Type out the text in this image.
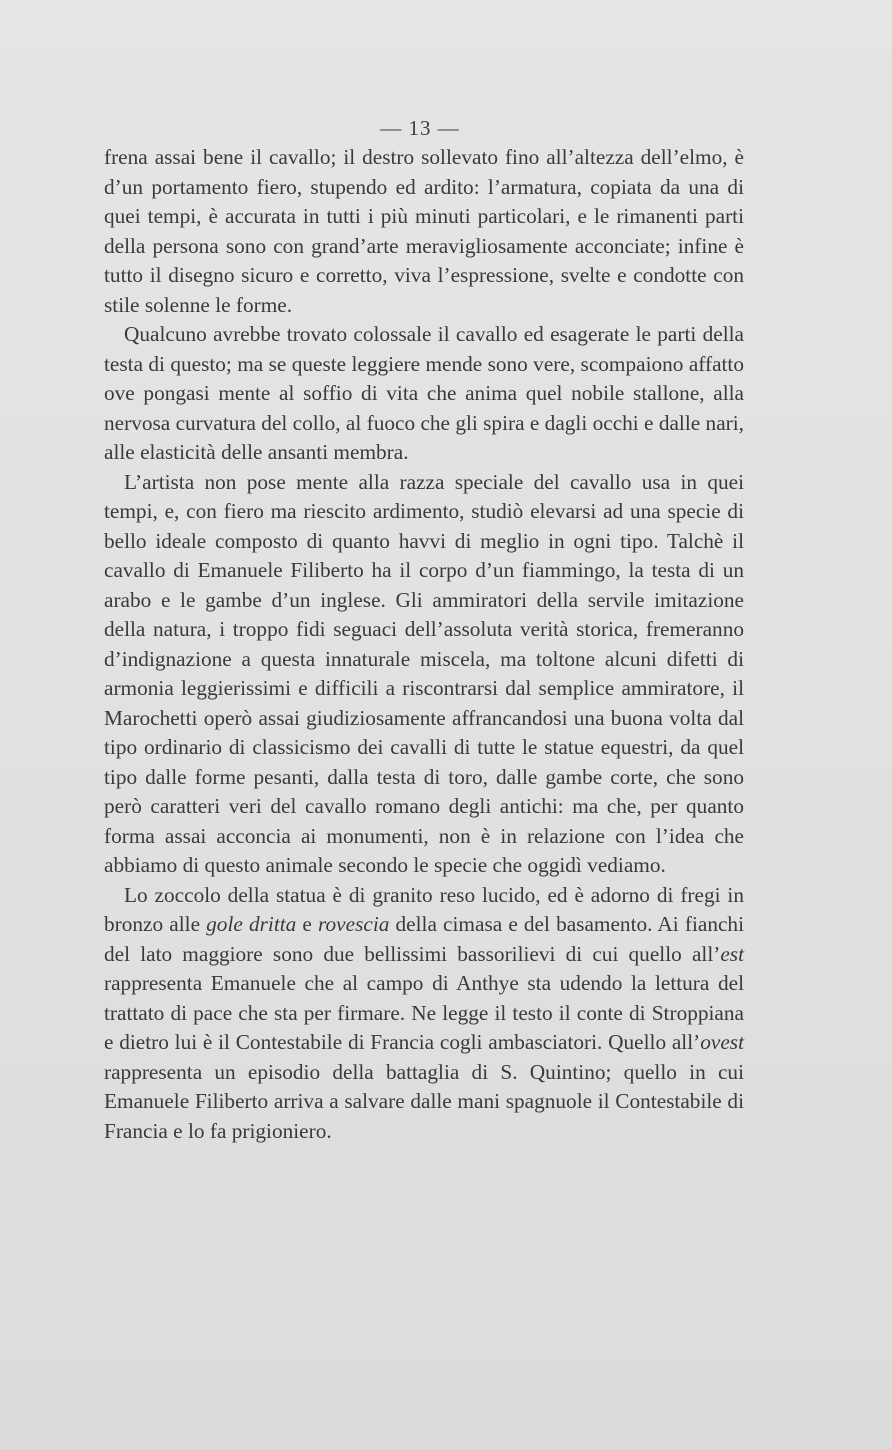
— 13 —

frena assai bene il cavallo; il destro sollevato fino all’altezza dell’elmo, è d’un portamento fiero, stupendo ed ardito: l’armatura, copiata da una di quei tempi, è accurata in tutti i più minuti particolari, e le rimanenti parti della persona sono con grand’arte meravigliosamente acconciate; infine è tutto il disegno sicuro e corretto, viva l’espressione, svelte e condotte con stile solenne le forme.

Qualcuno avrebbe trovato colossale il cavallo ed esagerate le parti della testa di questo; ma se queste leggiere mende sono vere, scompaiono affatto ove pongasi mente al soffio di vita che anima quel nobile stallone, alla nervosa curvatura del collo, al fuoco che gli spira e dagli occhi e dalle nari, alle elasticità delle ansanti membra.

L’artista non pose mente alla razza speciale del cavallo usa in quei tempi, e, con fiero ma riescito ardimento, studiò elevarsi ad una specie di bello ideale composto di quanto havvi di meglio in ogni tipo. Talchè il cavallo di Emanuele Filiberto ha il corpo d’un fiammingo, la testa di un arabo e le gambe d’un inglese. Gli ammiratori della servile imitazione della natura, i troppo fidi seguaci dell’assoluta verità storica, fremeranno d’indignazione a questa innaturale miscela, ma toltone alcuni difetti di armonia leggierissimi e difficili a riscontrarsi dal semplice ammiratore, il Marochetti operò assai giudiziosamente affrancandosi una buona volta dal tipo ordinario di classicismo dei cavalli di tutte le statue equestri, da quel tipo dalle forme pesanti, dalla testa di toro, dalle gambe corte, che sono però caratteri veri del cavallo romano degli antichi: ma che, per quanto forma assai acconcia ai monumenti, non è in relazione con l’idea che abbiamo di questo animale secondo le specie che oggidì vediamo.

Lo zoccolo della statua è di granito reso lucido, ed è adorno di fregi in bronzo alle gole dritta e rovescia della cimasa e del basamento. Ai fianchi del lato maggiore sono due bellissimi bassorilievi di cui quello all’est rappresenta Emanuele che al campo di Anthye sta udendo la lettura del trattato di pace che sta per firmare. Ne legge il testo il conte di Stroppiana e dietro lui è il Contestabile di Francia cogli ambasciatori. Quello all’ovest rappresenta un episodio della battaglia di S. Quintino; quello in cui Emanuele Filiberto arriva a salvare dalle mani spagnuole il Contestabile di Francia e lo fa prigioniero.
